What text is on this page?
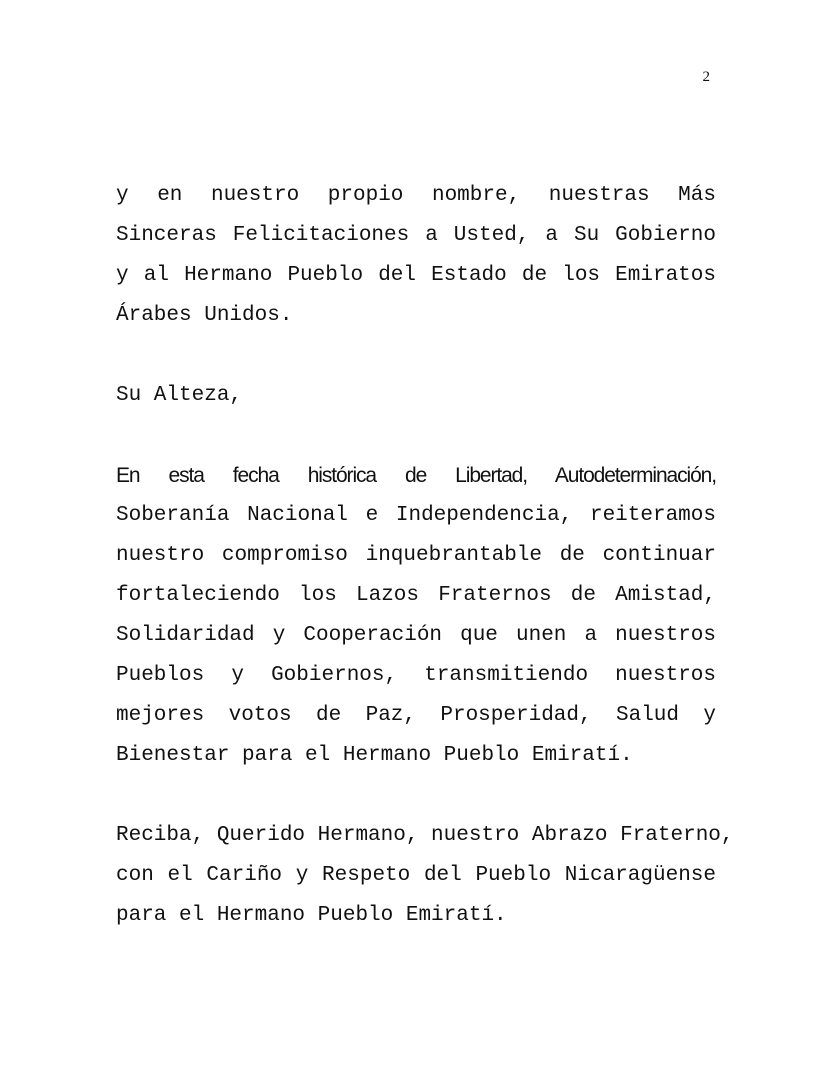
2
y en nuestro propio nombre, nuestras Más
Sinceras Felicitaciones a Usted, a Su Gobierno
y al Hermano Pueblo del Estado de los Emiratos
Árabes Unidos.
Su Alteza,
En esta fecha histórica de Libertad, Autodeterminación,
Soberanía Nacional e Independencia, reiteramos
nuestro compromiso inquebrantable de continuar
fortaleciendo los Lazos Fraternos de Amistad,
Solidaridad y Cooperación que unen a nuestros
Pueblos y Gobiernos, transmitiendo nuestros
mejores votos de Paz, Prosperidad, Salud y
Bienestar para el Hermano Pueblo Emiratí.
Reciba, Querido Hermano, nuestro Abrazo Fraterno,
con el Cariño y Respeto del Pueblo Nicaragüense
para el Hermano Pueblo Emiratí.
